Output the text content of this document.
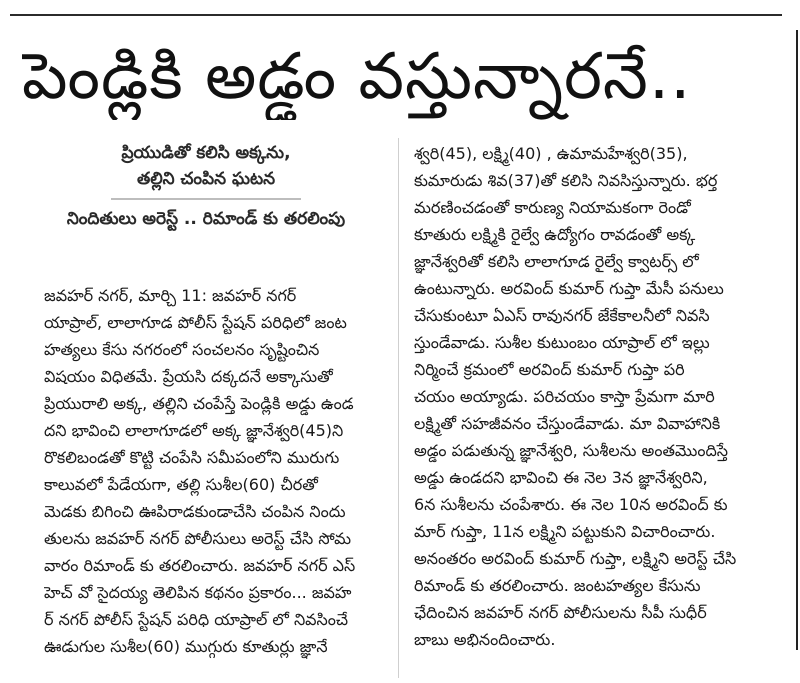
పెండ్లికి అడ్డం వస్తున్నారనే..
ప్రియుడితో కలిసి అక్కను,
తల్లిని చంపిన ఘటన
నిందితులు అరెస్ట్ .. రిమాండ్ కు తరలింపు
జవహర్ నగర్, మార్చి 11: జవహర్ నగర్
యాప్రాల్, లాలాగూడ పోలీస్ స్టేషన్ పరిధిలో జంట
హత్యలు కేసు నగరంలో సంచలనం సృష్టించిన
విషయం విధితమే. ప్రేయసి దక్కదనే అక్కాసుతో
ప్రియురాలి అక్క, తల్లిని చంపేస్తే పెండ్లికి అడ్డు ఉండ
దని భావించి లాలాగూడలో అక్క జ్ఞానేశ్వరి(45)ని
రొకలిబండతో కొట్టి చంపేసి సమీపంలోని మురుగు
కాలువలో పేడేయగా, తల్లి సుశీల(60) చీరతో
మెడకు బిగించి ఊపిరాడకుండాచేసి చంపిన నిందు
తులను జవహర్ నగర్ పోలీసులు అరెస్ట్ చేసి సోమ
వారం రిమాండ్ కు తరలించారు. జవహర్ నగర్ ఎస్
హెచ్ వో సైదయ్య తెలిపిన కథనం ప్రకారం... జవహ
ర్ నగర్ పోలీస్ స్టేషన్ పరిధి యాప్రాల్ లో నివసించే
ఊడుగుల సుశీల(60) ముగ్గురు కూతుర్లు జ్ఞానే
శ్వరి(45), లక్ష్మి(40) , ఉమామహేశ్వరి(35),
కుమారుడు శివ(37)తో కలిసి నివసిస్తున్నారు. భర్త
మరణించడంతో కారుణ్య నియామకంగా రెండో
కూతురు లక్ష్మికి రైల్వే ఉద్యోగం రావడంతో అక్క
జ్ఞానేశ్వరితో కలిసి లాలాగూడ రైల్వే క్వాటర్స్ లో
ఉంటున్నారు. అరవింద్ కుమార్ గుప్తా మేసీ పనులు
చేసుకుంటూ ఏఎస్ రావునగర్ జేకేకాలనీలో నివసి
స్తుండేవాడు. సుశీల కుటుంబం యాప్రాల్ లో ఇల్లు
నిర్మించే క్రమంలో అరవింద్ కుమార్ గుప్తా పరి
చయం అయ్యాడు. పరిచయం కాస్తా ప్రేమగా మారి
లక్ష్మితో సహజీవనం చేస్తుండేవాడు. మా వివాహానికి
అడ్డం పడుతున్న జ్ఞానేశ్వరి, సుశీలను అంతమొందిస్తే
అడ్డు ఉండదని భావించి ఈ నెల 3న జ్ఞానేశ్వరిని,
6న సుశీలను చంపేశారు. ఈ నెల 10న అరవింద్ కు
మార్ గుప్తా, 11న లక్ష్మిని పట్టుకుని విచారించారు.
అనంతరం అరవింద్ కుమార్ గుప్తా, లక్ష్మిని అరెస్ట్ చేసి
రిమాండ్ కు తరలించారు. జంటహత్యల కేసును
ఛేదించిన జవహర్ నగర్ పోలీసులను సీపీ సుధీర్
బాబు అభినందించారు.
